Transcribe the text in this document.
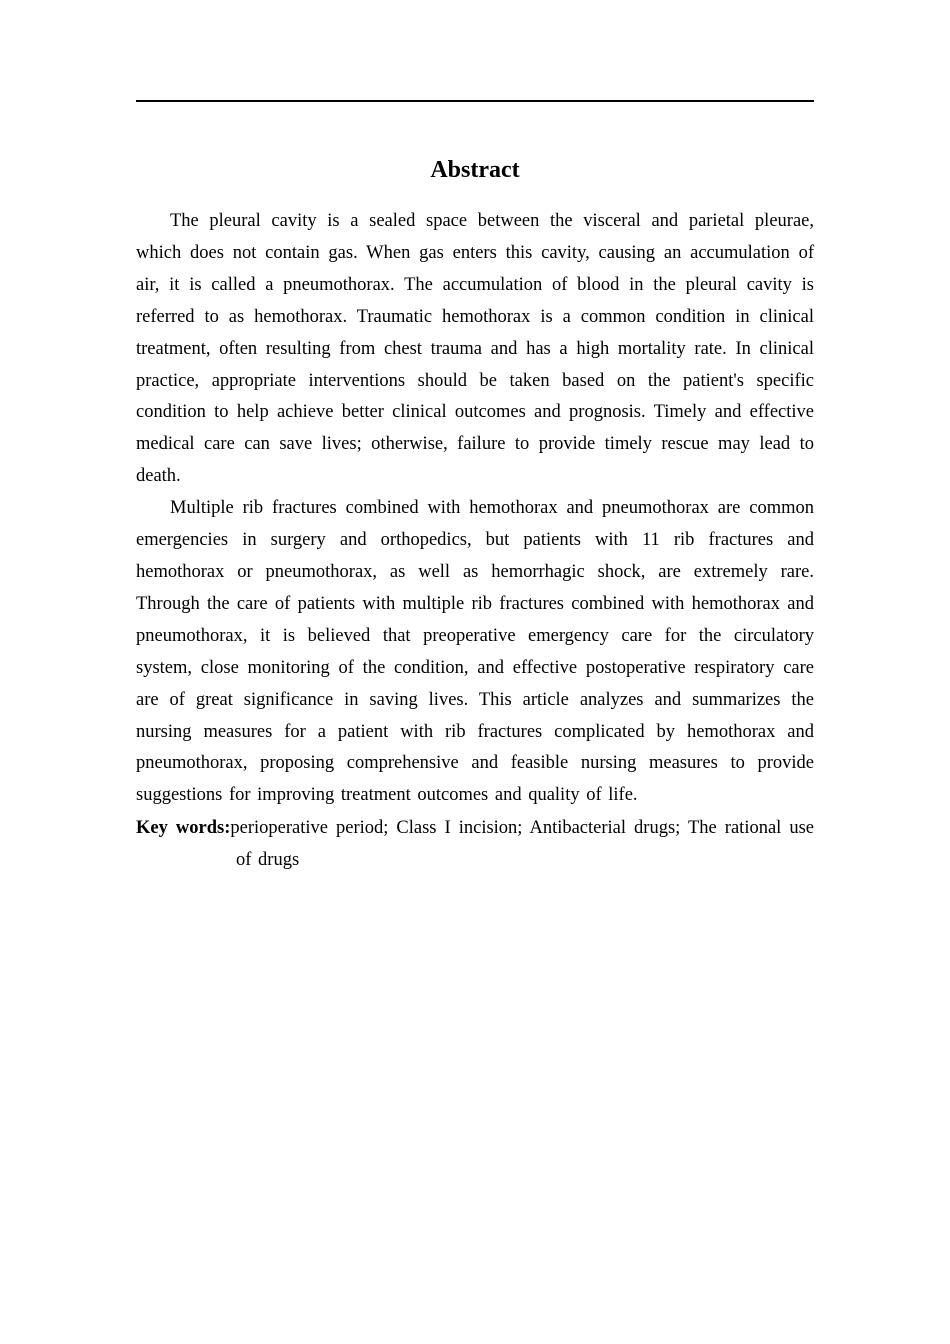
Abstract

The pleural cavity is a sealed space between the visceral and parietal pleurae, which does not contain gas. When gas enters this cavity, causing an accumulation of air, it is called a pneumothorax. The accumulation of blood in the pleural cavity is referred to as hemothorax. Traumatic hemothorax is a common condition in clinical treatment, often resulting from chest trauma and has a high mortality rate. In clinical practice, appropriate interventions should be taken based on the patient's specific condition to help achieve better clinical outcomes and prognosis. Timely and effective medical care can save lives; otherwise, failure to provide timely rescue may lead to death.

Multiple rib fractures combined with hemothorax and pneumothorax are common emergencies in surgery and orthopedics, but patients with 11 rib fractures and hemothorax or pneumothorax, as well as hemorrhagic shock, are extremely rare. Through the care of patients with multiple rib fractures combined with hemothorax and pneumothorax, it is believed that preoperative emergency care for the circulatory system, close monitoring of the condition, and effective postoperative respiratory care are of great significance in saving lives. This article analyzes and summarizes the nursing measures for a patient with rib fractures complicated by hemothorax and pneumothorax, proposing comprehensive and feasible nursing measures to provide suggestions for improving treatment outcomes and quality of life.

Key words:perioperative period; Class I incision; Antibacterial drugs; The rational use of drugs
